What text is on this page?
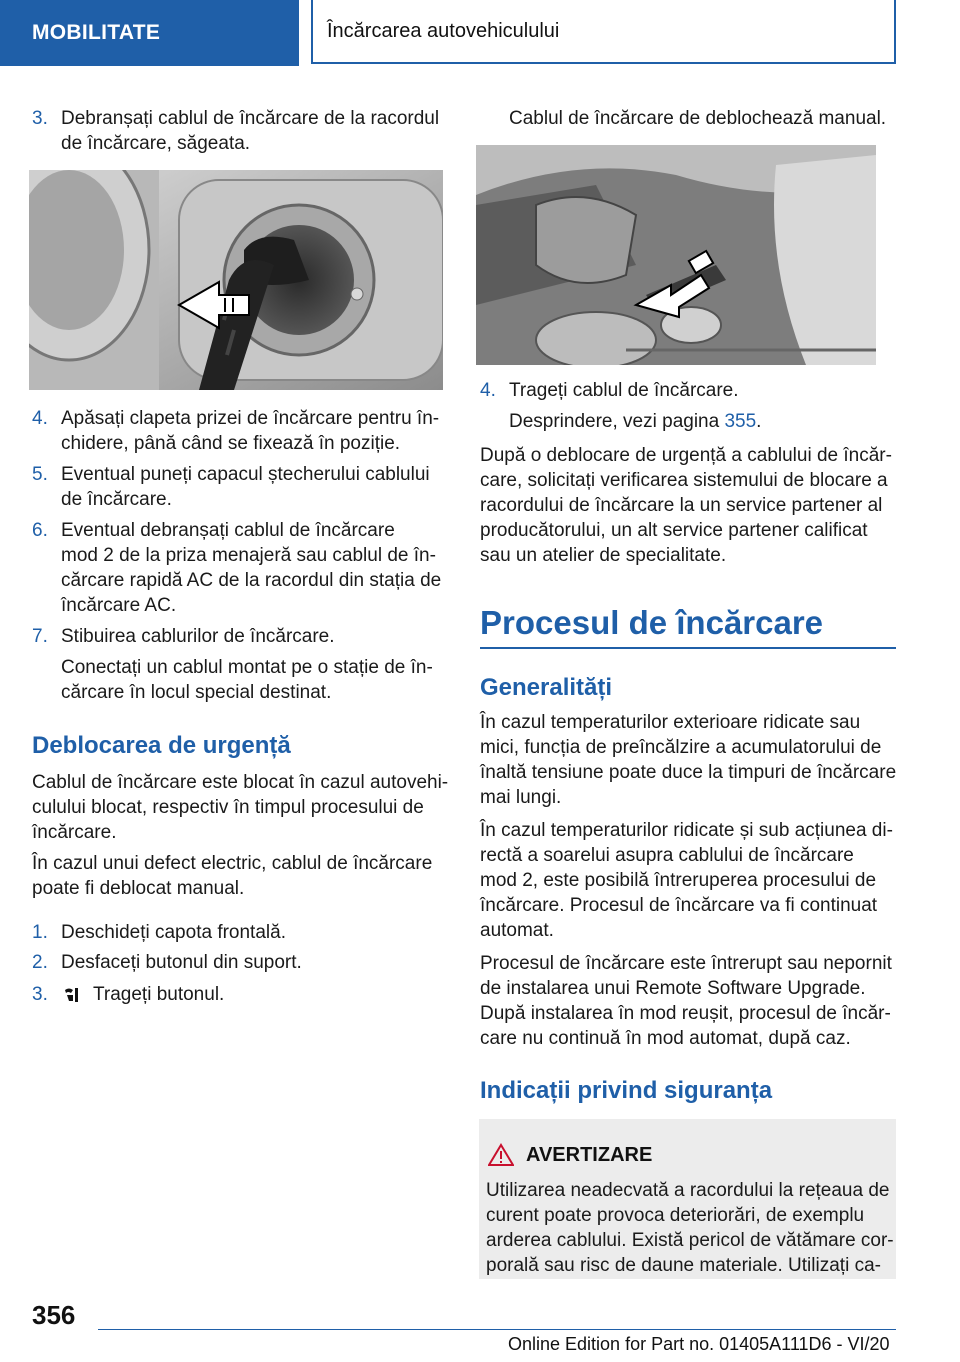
MOBILITATE	Încărcarea autovehiculului
3. Debranșați cablul de încărcare de la racordul
de încărcare, săgeata.
4. Apăsați clapeta prizei de încărcare pentru în‐
chidere, până când se fixează în poziție.
5. Eventual puneți capacul ștecherului cablului
de încărcare.
6. Eventual debranșați cablul de încărcare
mod 2 de la priza menajeră sau cablul de în‐
cărcare rapidă AC de la racordul din stația de
încărcare AC.
7. Stibuirea cablurilor de încărcare.
Conectați un cablul montat pe o stație de în‐
cărcare în locul special destinat.
Deblocarea de urgență
Cablul de încărcare este blocat în cazul autovehi‐
culului blocat, respectiv în timpul procesului de
încărcare.
În cazul unui defect electric, cablul de încărcare
poate fi deblocat manual.
1. Deschideți capota frontală.
2. Desfaceți butonul din suport.
3. Trageți butonul.
Cablul de încărcare de deblochează manual.
4. Trageți cablul de încărcare.
Desprindere, vezi pagina 355.
După o deblocare de urgență a cablului de încăr‐
care, solicitați verificarea sistemului de blocare a
racordului de încărcare la un service partener al
producătorului, un alt service partener calificat
sau un atelier de specialitate.
Procesul de încărcare
Generalități
În cazul temperaturilor exterioare ridicate sau
mici, funcția de preîncălzire a acumulatorului de
înaltă tensiune poate duce la timpuri de încărcare
mai lungi.
În cazul temperaturilor ridicate și sub acțiunea di‐
rectă a soarelui asupra cablului de încărcare
mod 2, este posibilă întreruperea procesului de
încărcare. Procesul de încărcare va fi continuat
automat.
Procesul de încărcare este întrerupt sau nepornit
de instalarea unui Remote Software Upgrade.
După instalarea în mod reușit, procesul de încăr‐
care nu continuă în mod automat, după caz.
Indicații privind siguranța
AVERTIZARE
Utilizarea neadecvată a racordului la rețeaua de
curent poate provoca deteriorări, de exemplu
arderea cablului. Există pericol de vătămare cor‐
porală sau risc de daune materiale. Utilizați ca‐
356
Online Edition for Part no. 01405A111D6 - VI/20
